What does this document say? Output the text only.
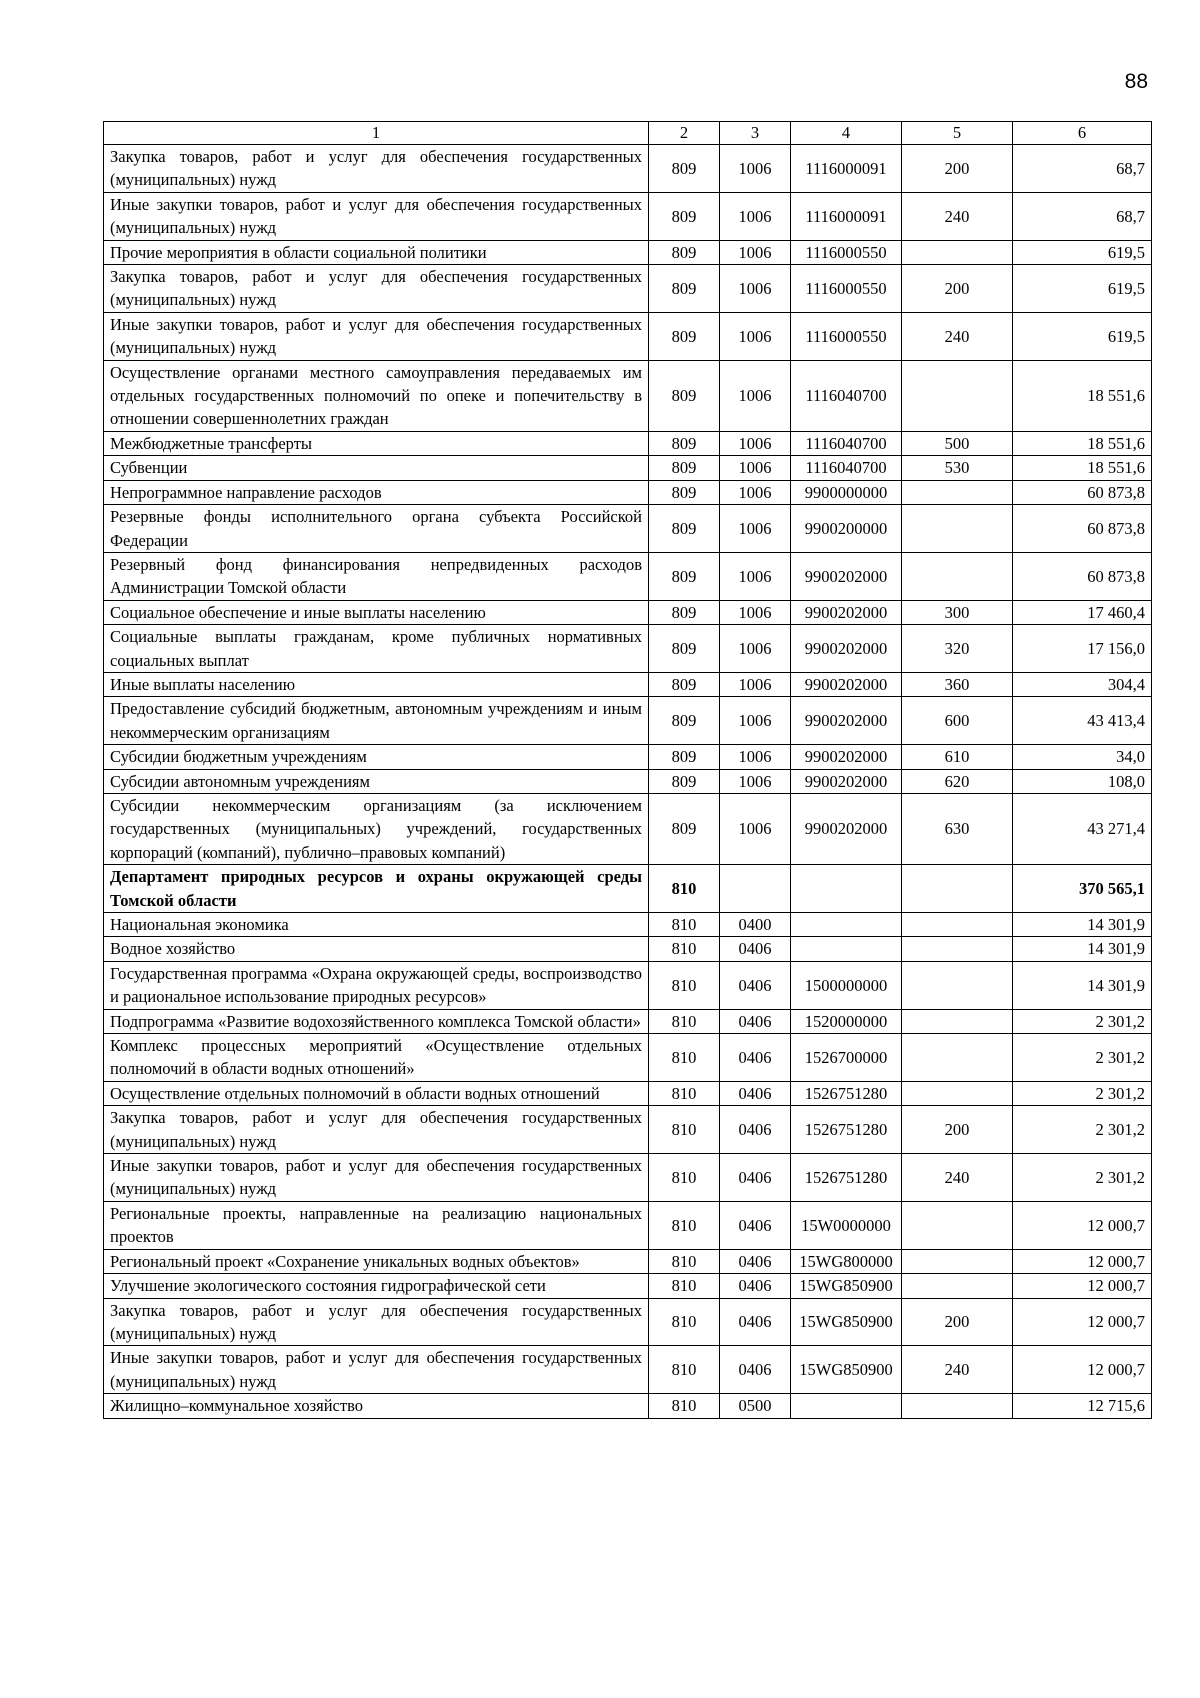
88
1	2	3	4	5	6
Закупка товаров, работ и услуг для обеспечения государственных (муниципальных) нужд	809	1006	1116000091	200	68,7
Иные закупки товаров, работ и услуг для обеспечения государственных (муниципальных) нужд	809	1006	1116000091	240	68,7
Прочие мероприятия в области социальной политики	809	1006	1116000550		619,5
Закупка товаров, работ и услуг для обеспечения государственных (муниципальных) нужд	809	1006	1116000550	200	619,5
Иные закупки товаров, работ и услуг для обеспечения государственных (муниципальных) нужд	809	1006	1116000550	240	619,5
Осуществление органами местного самоуправления передаваемых им отдельных государственных полномочий по опеке и попечительству в отношении совершеннолетних граждан	809	1006	1116040700		18 551,6
Межбюджетные трансферты	809	1006	1116040700	500	18 551,6
Субвенции	809	1006	1116040700	530	18 551,6
Непрограммное направление расходов	809	1006	9900000000		60 873,8
Резервные фонды исполнительного органа субъекта Российской Федерации	809	1006	9900200000		60 873,8
Резервный фонд финансирования непредвиденных расходов Администрации Томской области	809	1006	9900202000		60 873,8
Социальное обеспечение и иные выплаты населению	809	1006	9900202000	300	17 460,4
Социальные выплаты гражданам, кроме публичных нормативных социальных выплат	809	1006	9900202000	320	17 156,0
Иные выплаты населению	809	1006	9900202000	360	304,4
Предоставление субсидий бюджетным, автономным учреждениям и иным некоммерческим организациям	809	1006	9900202000	600	43 413,4
Субсидии бюджетным учреждениям	809	1006	9900202000	610	34,0
Субсидии автономным учреждениям	809	1006	9900202000	620	108,0
Субсидии некоммерческим организациям (за исключением государственных (муниципальных) учреждений, государственных корпораций (компаний), публично–правовых компаний)	809	1006	9900202000	630	43 271,4
Департамент природных ресурсов и охраны окружающей среды Томской области	810				370 565,1
Национальная экономика	810	0400			14 301,9
Водное хозяйство	810	0406			14 301,9
Государственная программа «Охрана окружающей среды, воспроизводство и рациональное использование природных ресурсов»	810	0406	1500000000		14 301,9
Подпрограмма «Развитие водохозяйственного комплекса Томской области»	810	0406	1520000000		2 301,2
Комплекс процессных мероприятий «Осуществление отдельных полномочий в области водных отношений»	810	0406	1526700000		2 301,2
Осуществление отдельных полномочий в области водных отношений	810	0406	1526751280		2 301,2
Закупка товаров, работ и услуг для обеспечения государственных (муниципальных) нужд	810	0406	1526751280	200	2 301,2
Иные закупки товаров, работ и услуг для обеспечения государственных (муниципальных) нужд	810	0406	1526751280	240	2 301,2
Региональные проекты, направленные на реализацию национальных проектов	810	0406	15W0000000		12 000,7
Региональный проект «Сохранение уникальных водных объектов»	810	0406	15WG800000		12 000,7
Улучшение экологического состояния гидрографической сети	810	0406	15WG850900		12 000,7
Закупка товаров, работ и услуг для обеспечения государственных (муниципальных) нужд	810	0406	15WG850900	200	12 000,7
Иные закупки товаров, работ и услуг для обеспечения государственных (муниципальных) нужд	810	0406	15WG850900	240	12 000,7
Жилищно–коммунальное хозяйство	810	0500			12 715,6
